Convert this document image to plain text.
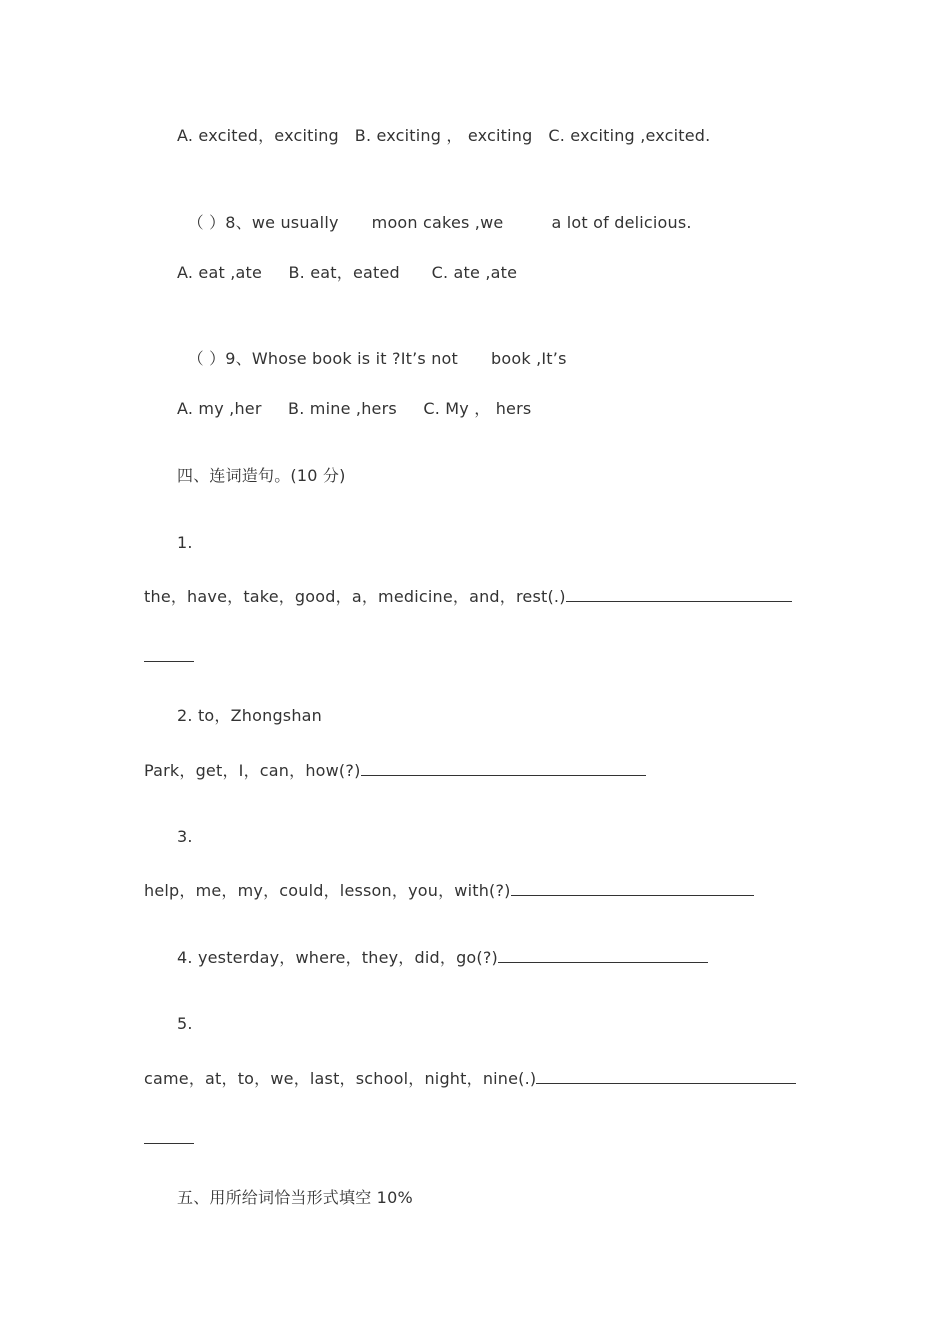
A. excited，exciting   B. exciting ， exciting   C. exciting ,excited.

（ ）8、we usually moon cakes ,we	a lot of delicious.

A. eat ,ate     B. eat，eated      C. ate ,ate

（ ）9、Whose book is it ?It’s not book ,It’s

A. my ,her     B. mine ,hers     C. My ， hers
四、连词造句。(10 分)
1.
the，have，take，good，a，medicine，and，rest(.)
2. to，Zhongshan
Park，get，I，can，how(?)
3.
help，me，my，could，lesson，you，with(?)
4. yesterday，where，they，did，go(?)
5.
came，at，to，we，last，school，night，nine(.)
五、用所给词恰当形式填空 10%
